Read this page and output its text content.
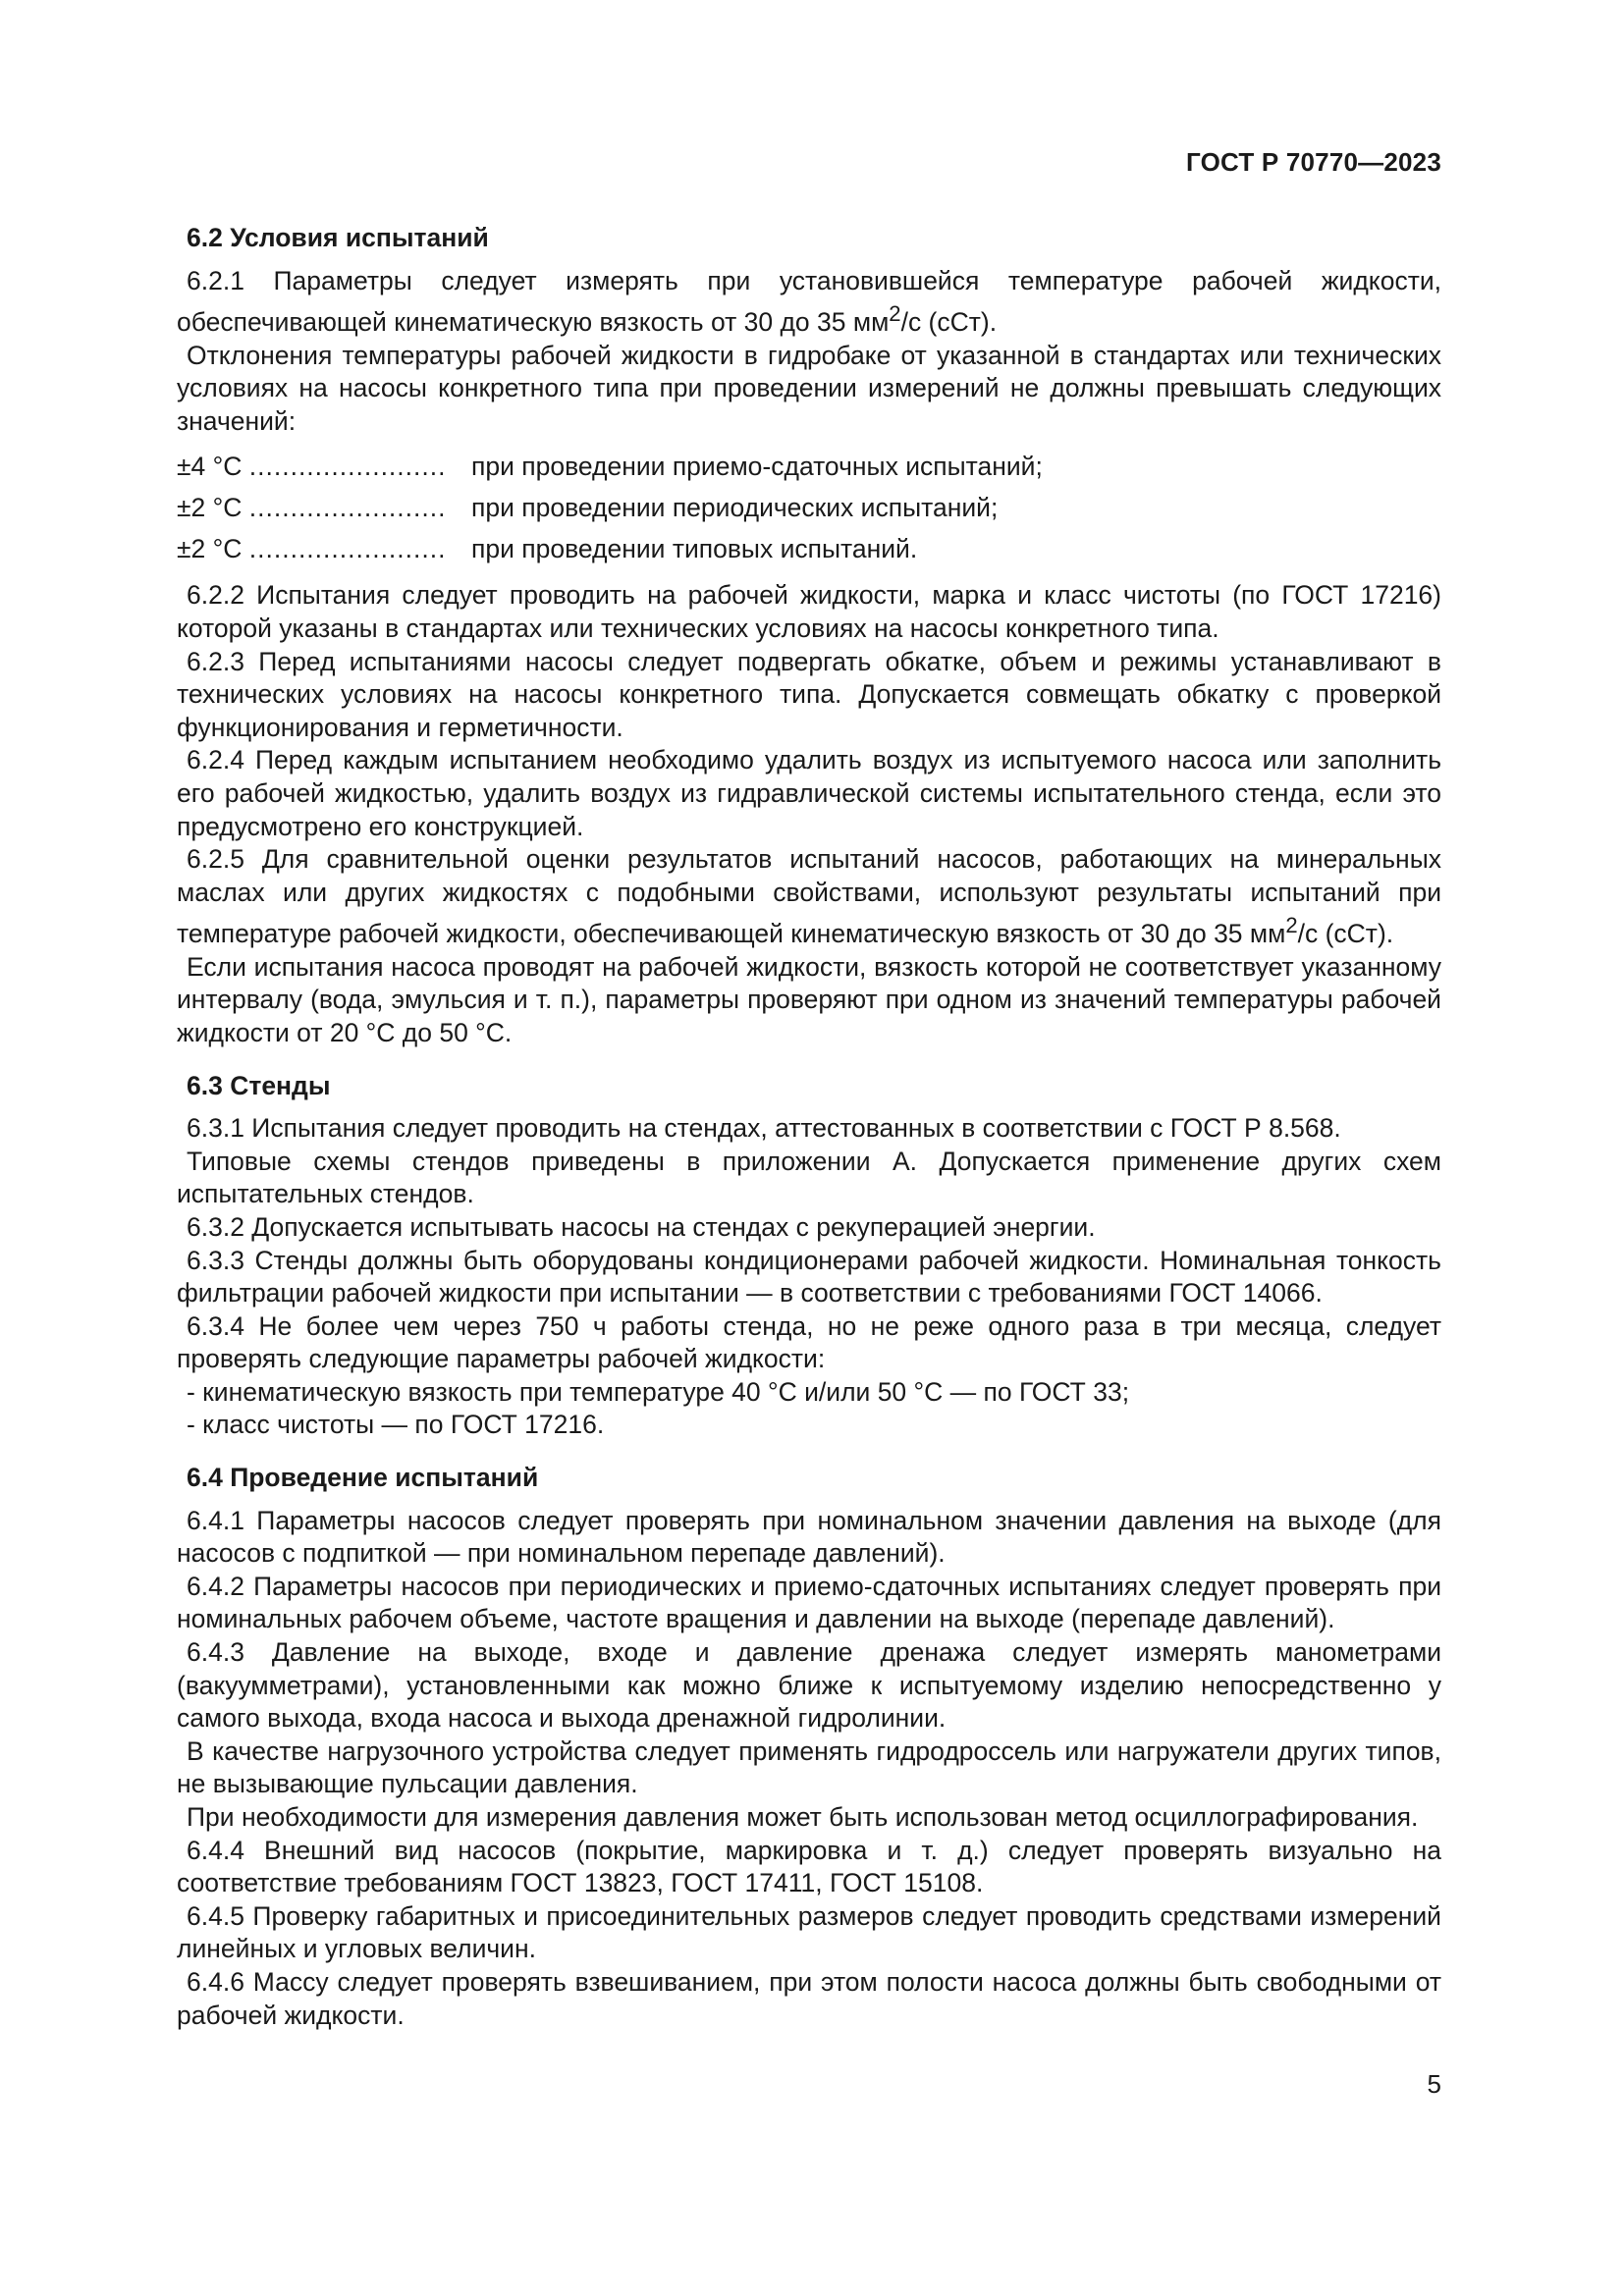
ГОСТ Р 70770—2023

6.2 Условия испытаний

6.2.1 Параметры следует измерять при установившейся температуре рабочей жидкости, обеспечивающей кинематическую вязкость от 30 до 35 $мм^2/с$ (сСт).

Отклонения температуры рабочей жидкости в гидробаке от указанной в стандартах или технических условиях на насосы конкретного типа при проведении измерений не должны превышать следующих значений:

±4 °С ........................ при проведении приемо-сдаточных испытаний;
±2 °С ........................ при проведении периодических испытаний;
±2 °С ........................ при проведении типовых испытаний.

6.2.2 Испытания следует проводить на рабочей жидкости, марка и класс чистоты (по ГОСТ 17216) которой указаны в стандартах или технических условиях на насосы конкретного типа.

6.2.3 Перед испытаниями насосы следует подвергать обкатке, объем и режимы устанавливают в технических условиях на насосы конкретного типа. Допускается совмещать обкатку с проверкой функционирования и герметичности.

6.2.4 Перед каждым испытанием необходимо удалить воздух из испытуемого насоса или заполнить его рабочей жидкостью, удалить воздух из гидравлической системы испытательного стенда, если это предусмотрено его конструкцией.

6.2.5 Для сравнительной оценки результатов испытаний насосов, работающих на минеральных маслах или других жидкостях с подобными свойствами, используют результаты испытаний при температуре рабочей жидкости, обеспечивающей кинематическую вязкость от 30 до 35 $мм^2/с$ (сСт).

Если испытания насоса проводят на рабочей жидкости, вязкость которой не соответствует указанному интервалу (вода, эмульсия и т. п.), параметры проверяют при одном из значений температуры рабочей жидкости от 20 °С до 50 °С.

6.3 Стенды

6.3.1 Испытания следует проводить на стендах, аттестованных в соответствии с ГОСТ Р 8.568.

Типовые схемы стендов приведены в приложении А. Допускается применение других схем испытательных стендов.

6.3.2 Допускается испытывать насосы на стендах с рекуперацией энергии.

6.3.3 Стенды должны быть оборудованы кондиционерами рабочей жидкости. Номинальная тонкость фильтрации рабочей жидкости при испытании — в соответствии с требованиями ГОСТ 14066.

6.3.4 Не более чем через 750 ч работы стенда, но не реже одного раза в три месяца, следует проверять следующие параметры рабочей жидкости:

- кинематическую вязкость при температуре 40 °С и/или 50 °С — по ГОСТ 33;

- класс чистоты — по ГОСТ 17216.

6.4 Проведение испытаний

6.4.1 Параметры насосов следует проверять при номинальном значении давления на выходе (для насосов с подпиткой — при номинальном перепаде давлений).

6.4.2 Параметры насосов при периодических и приемо-сдаточных испытаниях следует проверять при номинальных рабочем объеме, частоте вращения и давлении на выходе (перепаде давлений).

6.4.3 Давление на выходе, входе и давление дренажа следует измерять манометрами (вакуумметрами), установленными как можно ближе к испытуемому изделию непосредственно у самого выхода, входа насоса и выхода дренажной гидролинии.

В качестве нагрузочного устройства следует применять гидродроссель или нагружатели других типов, не вызывающие пульсации давления.

При необходимости для измерения давления может быть использован метод осциллографирования.

6.4.4 Внешний вид насосов (покрытие, маркировка и т. д.) следует проверять визуально на соответствие требованиям ГОСТ 13823, ГОСТ 17411, ГОСТ 15108.

6.4.5 Проверку габаритных и присоединительных размеров следует проводить средствами измерений линейных и угловых величин.

6.4.6 Массу следует проверять взвешиванием, при этом полости насоса должны быть свободными от рабочей жидкости.

5
